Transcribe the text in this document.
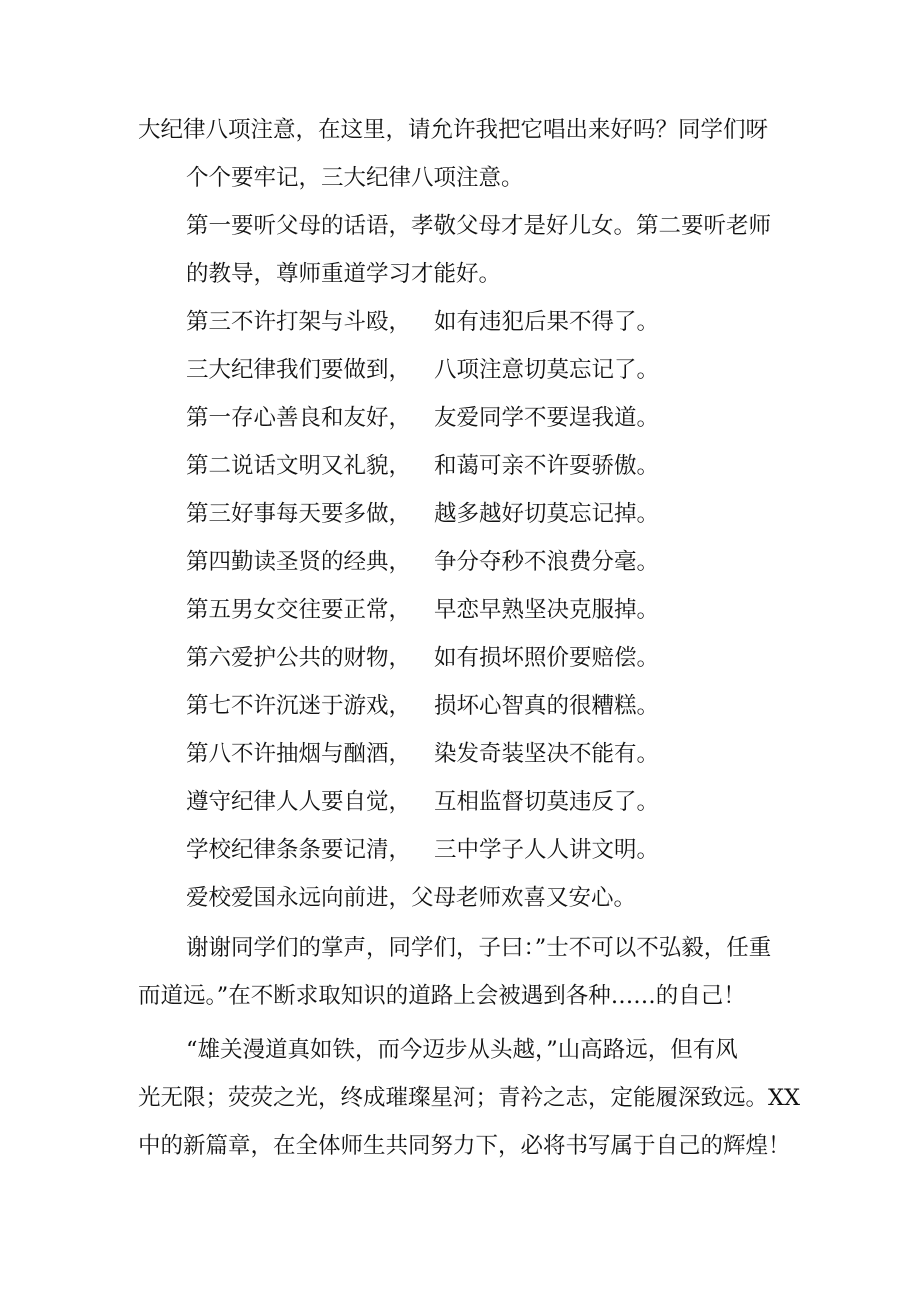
大纪律八项注意，在这里，请允许我把它唱出来好吗？同学们呀

个个要牢记，三大纪律八项注意。

第一要听父母的话语，孝敬父母才是好儿女。第二要听老师

的教导，尊师重道学习才能好。

第三不许打架与斗殴， 如有违犯后果不得了。
三大纪律我们要做到， 八项注意切莫忘记了。
第一存心善良和友好， 友爱同学不要逞我道。
第二说话文明又礼貌， 和蔼可亲不许耍骄傲。
第三好事每天要多做， 越多越好切莫忘记掉。
第四勤读圣贤的经典， 争分夺秒不浪费分毫。
第五男女交往要正常， 早恋早熟坚决克服掉。
第六爱护公共的财物， 如有损坏照价要赔偿。
第七不许沉迷于游戏， 损坏心智真的很糟糕。
第八不许抽烟与酗酒， 染发奇装坚决不能有。
遵守纪律人人要自觉， 互相监督切莫违反了。
学校纪律条条要记清， 三中学子人人讲文明。

爱校爱国永远向前进，父母老师欢喜又安心。

谢谢同学们的掌声，同学们，子曰：”士不可以不弘毅，任重

而道远。”在不断求取知识的道路上会被遇到各种……的自己！

“雄关漫道真如铁，而今迈步从头越，”山高路远，但有风

光无限；荧荧之光，终成璀璨星河；青衿之志，定能履深致远。XX

中的新篇章，在全体师生共同努力下，必将书写属于自己的辉煌！
